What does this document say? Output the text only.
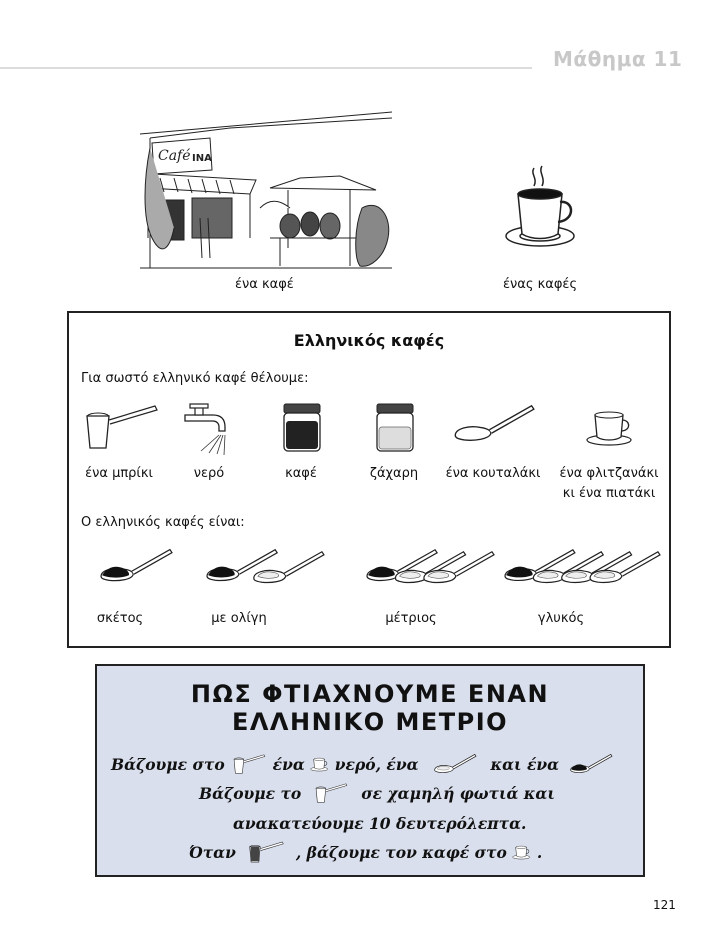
Μάθημα 11
Café ΙΝΑ
ένα καφέ	ένας καφές
Ελληνικός καφές
Για σωστό ελληνικό καφέ θέλουμε:
ένα μπρίκι	νερό	καφέ	ζάχαρη	ένα κουταλάκι	ένα φλιτζανάκι
κι ένα πιατάκι
Ο ελληνικός καφές είναι:
σκέτος	με ολίγη	μέτριος	γλυκός
ΠΩΣ ΦΤΙΑΧΝΟΥΜΕ ΕΝΑΝ
ΕΛΛΗΝΙΚΟ ΜΕΤΡΙΟ
Βάζουμε στο	ένα νερό, ένα	και ένα
Βάζουμε το	σε χαμηλή φωτιά και
ανακατεύουμε 10 δευτερόλεπτα.
Όταν	, βάζουμε τον καφέ στο .
121
